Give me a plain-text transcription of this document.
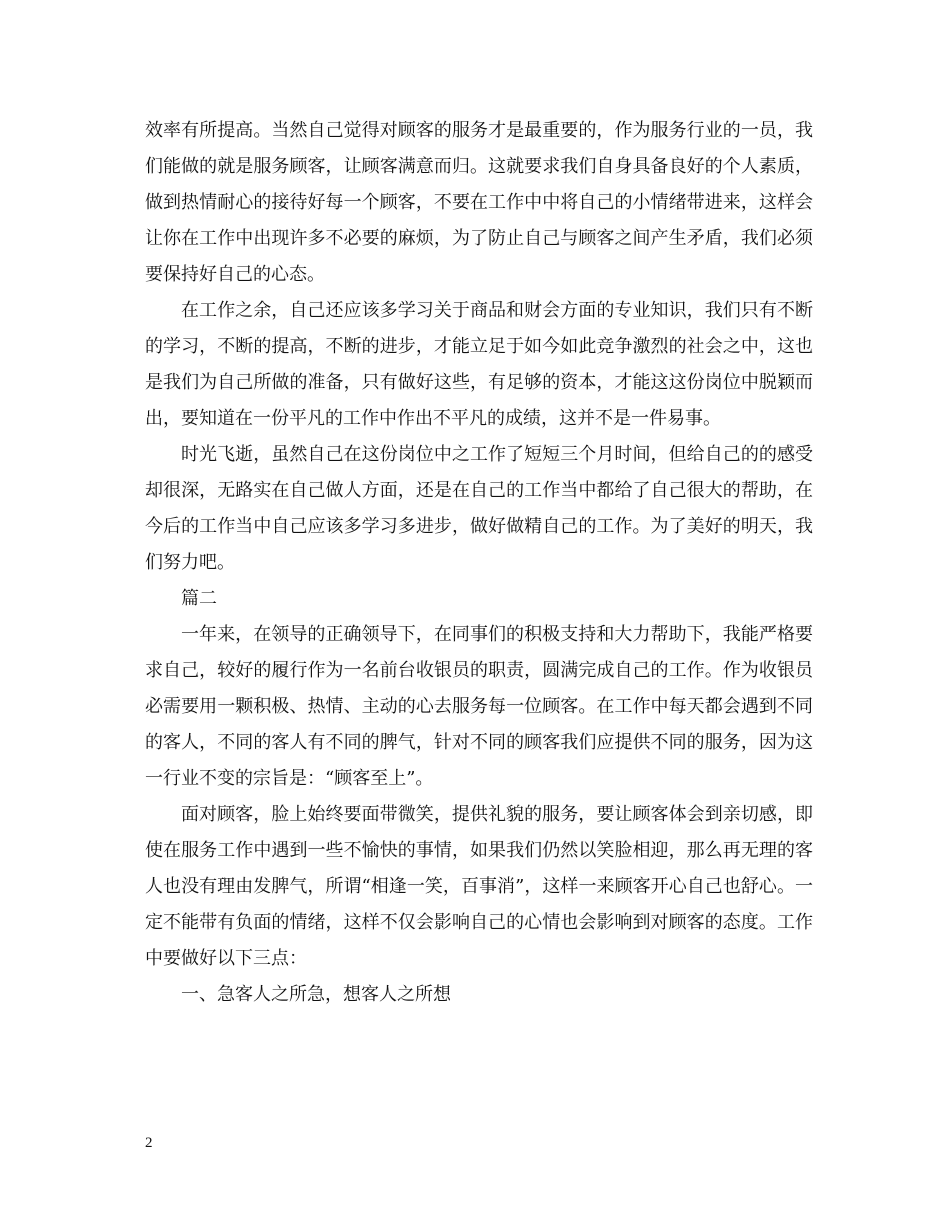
效率有所提高。当然自己觉得对顾客的服务才是最重要的，作为服务行业的一员，我们能做的就是服务顾客，让顾客满意而归。这就要求我们自身具备良好的个人素质，做到热情耐心的接待好每一个顾客，不要在工作中中将自己的小情绪带进来，这样会让你在工作中出现许多不必要的麻烦，为了防止自己与顾客之间产生矛盾，我们必须要保持好自己的心态。

在工作之余，自己还应该多学习关于商品和财会方面的专业知识，我们只有不断的学习，不断的提高，不断的进步，才能立足于如今如此竞争激烈的社会之中，这也是我们为自己所做的准备，只有做好这些，有足够的资本，才能这这份岗位中脱颖而出，要知道在一份平凡的工作中作出不平凡的成绩，这并不是一件易事。

时光飞逝，虽然自己在这份岗位中之工作了短短三个月时间，但给自己的的感受却很深，无路实在自己做人方面，还是在自己的工作当中都给了自己很大的帮助，在今后的工作当中自己应该多学习多进步，做好做精自己的工作。为了美好的明天，我们努力吧。

篇二

一年来，在领导的正确领导下，在同事们的积极支持和大力帮助下，我能严格要求自己，较好的履行作为一名前台收银员的职责，圆满完成自己的工作。作为收银员必需要用一颗积极、热情、主动的心去服务每一位顾客。在工作中每天都会遇到不同的客人，不同的客人有不同的脾气，针对不同的顾客我们应提供不同的服务，因为这一行业不变的宗旨是：“顾客至上”。

面对顾客，脸上始终要面带微笑，提供礼貌的服务，要让顾客体会到亲切感，即使在服务工作中遇到一些不愉快的事情，如果我们仍然以笑脸相迎，那么再无理的客人也没有理由发脾气，所谓“相逢一笑，百事消”，这样一来顾客开心自己也舒心。一定不能带有负面的情绪，这样不仅会影响自己的心情也会影响到对顾客的态度。工作中要做好以下三点：

一、急客人之所急，想客人之所想

2
